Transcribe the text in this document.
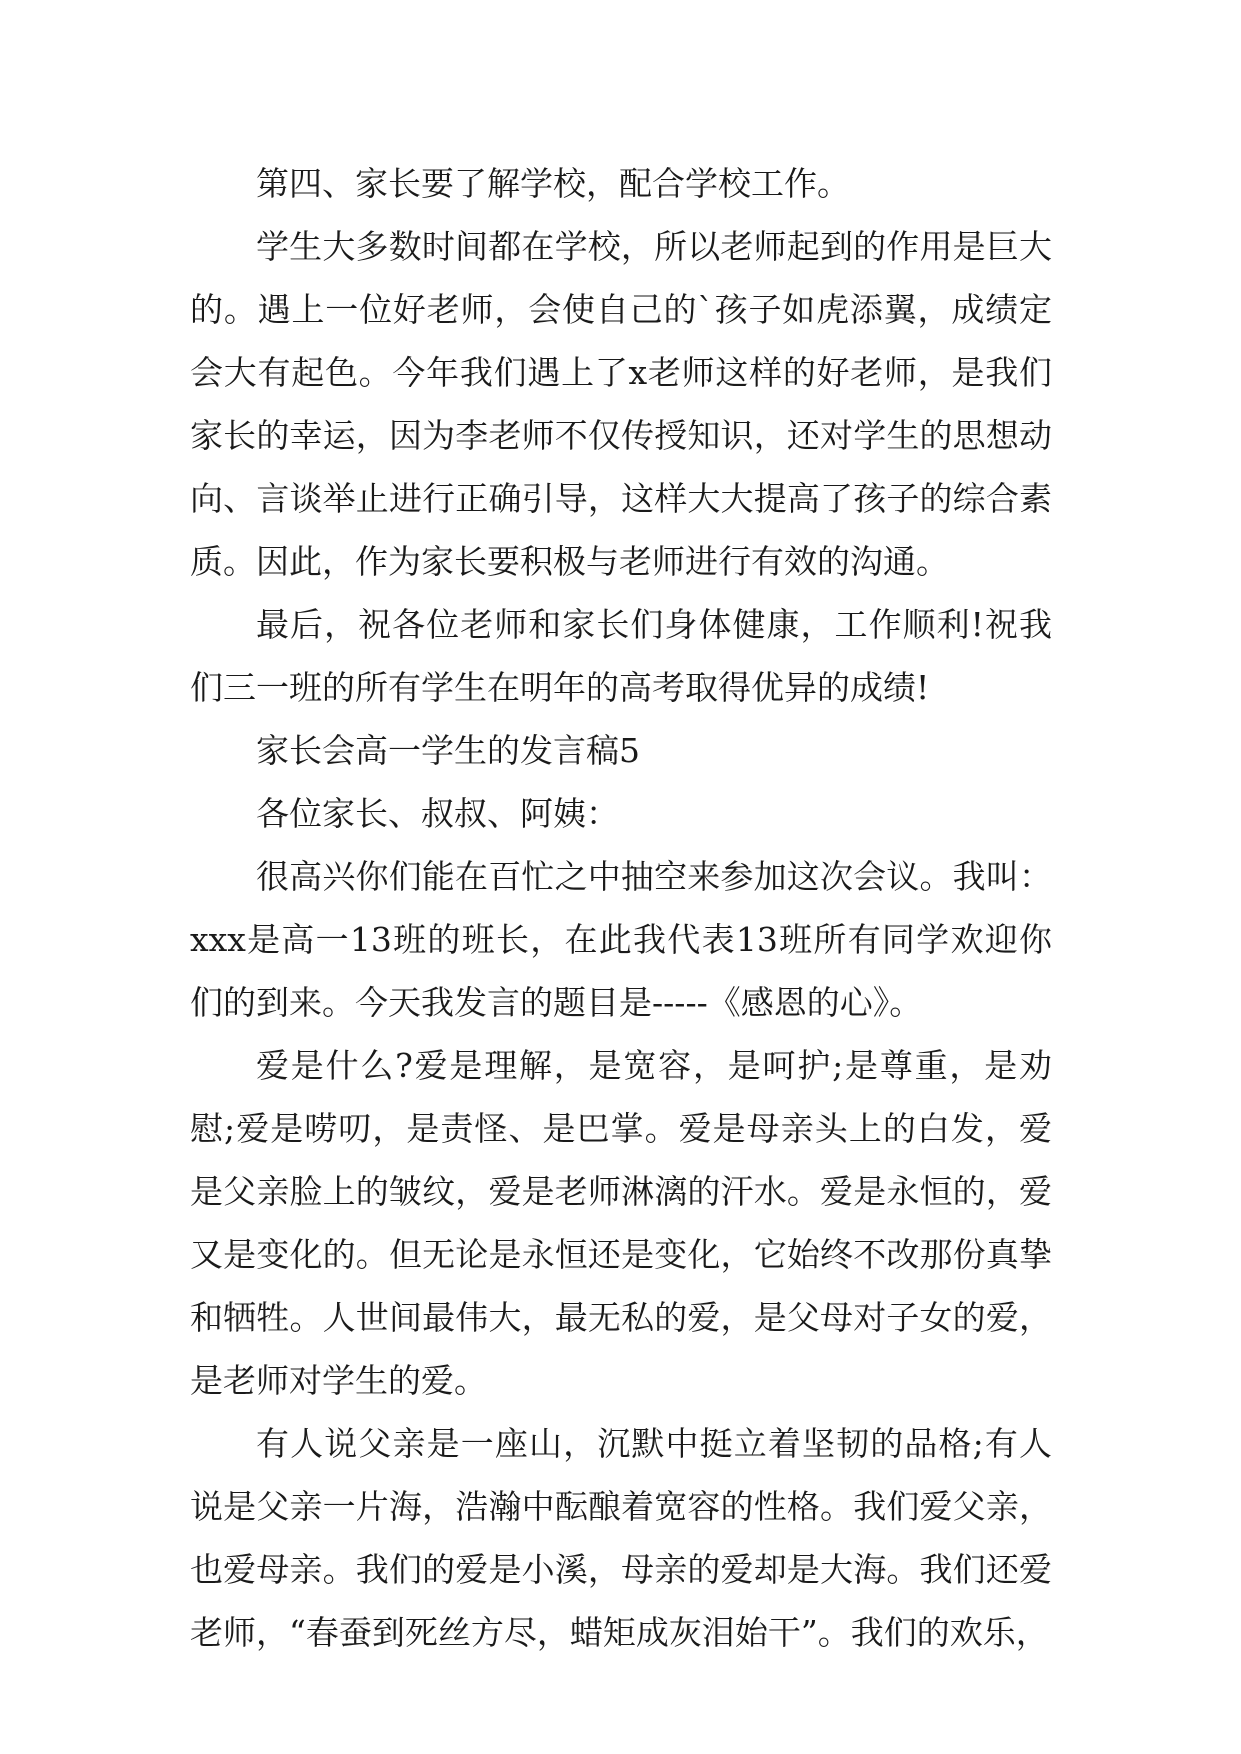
第四、家长要了解学校，配合学校工作。

学生大多数时间都在学校，所以老师起到的作用是巨大的。遇上一位好老师，会使自己的`孩子如虎添翼，成绩定会大有起色。今年我们遇上了x老师这样的好老师，是我们家长的幸运，因为李老师不仅传授知识，还对学生的思想动向、言谈举止进行正确引导，这样大大提高了孩子的综合素质。因此，作为家长要积极与老师进行有效的沟通。

最后，祝各位老师和家长们身体健康，工作顺利!祝我们三一班的所有学生在明年的高考取得优异的成绩!

家长会高一学生的发言稿5

各位家长、叔叔、阿姨：

很高兴你们能在百忙之中抽空来参加这次会议。我叫：xxx是高一13班的班长，在此我代表13班所有同学欢迎你们的到来。今天我发言的题目是-----《感恩的心》。

爱是什么?爱是理解，是宽容，是呵护;是尊重，是劝慰;爱是唠叨，是责怪、是巴掌。爱是母亲头上的白发，爱是父亲脸上的皱纹，爱是老师淋漓的汗水。爱是永恒的，爱又是变化的。但无论是永恒还是变化，它始终不改那份真挚和牺牲。人世间最伟大，最无私的爱，是父母对子女的爱，是老师对学生的爱。

有人说父亲是一座山，沉默中挺立着坚韧的品格;有人说是父亲一片海，浩瀚中酝酿着宽容的性格。我们爱父亲，也爱母亲。我们的爱是小溪，母亲的爱却是大海。我们还爱老师，“春蚕到死丝方尽，蜡矩成灰泪始干”。我们的欢乐，
